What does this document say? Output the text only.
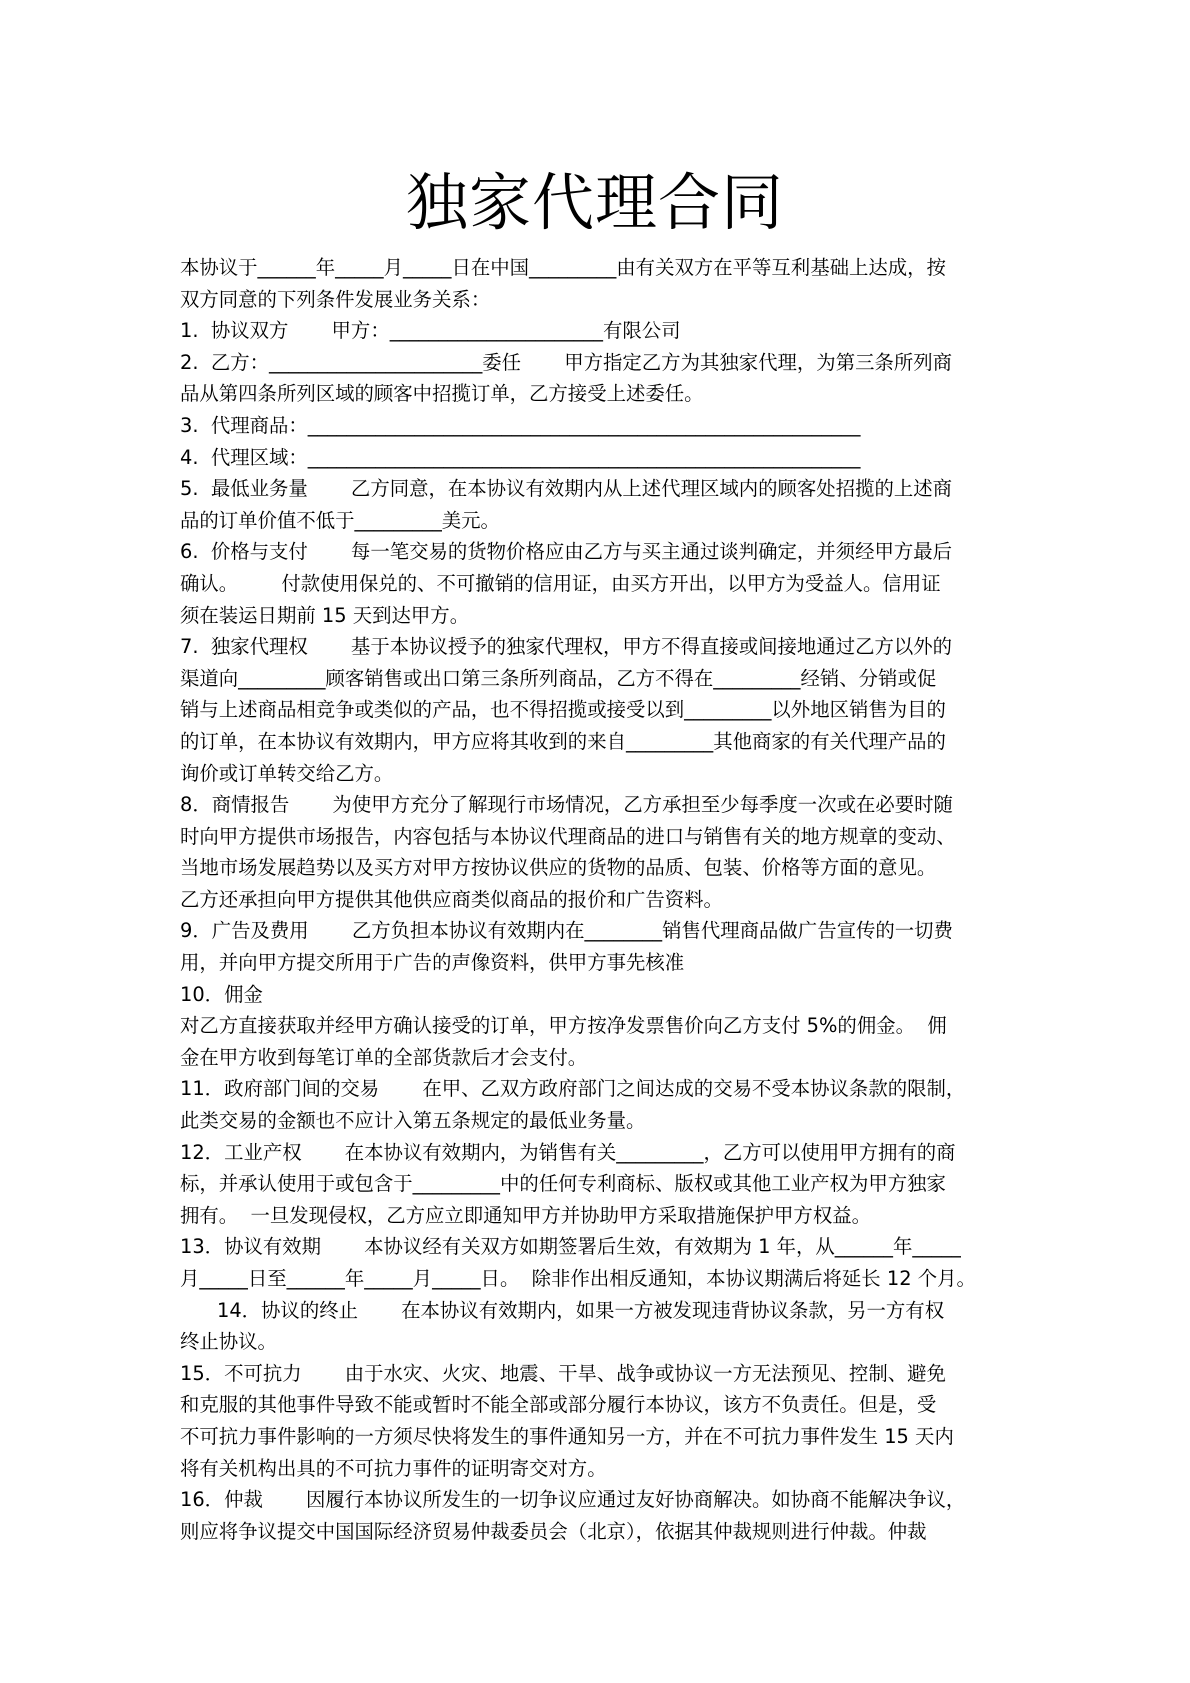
独家代理合同

本协议于______年_____月_____日在中国_________由有关双方在平等互利基础上达成，按

双方同意的下列条件发展业务关系：

1.  协议双方       甲方：______________________有限公司

2.  乙方：______________________委任       甲方指定乙方为其独家代理，为第三条所列商

品从第四条所列区域的顾客中招揽订单，乙方接受上述委任。

3.  代理商品：_________________________________________________________

4.  代理区域：_________________________________________________________

5.  最低业务量       乙方同意，在本协议有效期内从上述代理区域内的顾客处招揽的上述商

品的订单价值不低于_________美元。

6.  价格与支付       每一笔交易的货物价格应由乙方与买主通过谈判确定，并须经甲方最后

确认。       付款使用保兑的、不可撤销的信用证，由买方开出，以甲方为受益人。信用证

须在装运日期前 15 天到达甲方。

7.  独家代理权       基于本协议授予的独家代理权，甲方不得直接或间接地通过乙方以外的

渠道向_________顾客销售或出口第三条所列商品，乙方不得在_________经销、分销或促

销与上述商品相竞争或类似的产品，也不得招揽或接受以到_________以外地区销售为目的

的订单，在本协议有效期内，甲方应将其收到的来自_________其他商家的有关代理产品的

询价或订单转交给乙方。

8．商情报告       为使甲方充分了解现行市场情况，乙方承担至少每季度一次或在必要时随

时向甲方提供市场报告，内容包括与本协议代理商品的进口与销售有关的地方规章的变动、

当地市场发展趋势以及买方对甲方按协议供应的货物的品质、包装、价格等方面的意见。

乙方还承担向甲方提供其他供应商类似商品的报价和广告资料。

9．广告及费用       乙方负担本协议有效期内在________销售代理商品做广告宣传的一切费

用，并向甲方提交所用于广告的声像资料，供甲方事先核准

10．佣金

对乙方直接获取并经甲方确认接受的订单，甲方按净发票售价向乙方支付 5%的佣金。  佣

金在甲方收到每笔订单的全部货款后才会支付。

11．政府部门间的交易       在甲、乙双方政府部门之间达成的交易不受本协议条款的限制，

此类交易的金额也不应计入第五条规定的最低业务量。

12．工业产权       在本协议有效期内，为销售有关_________，乙方可以使用甲方拥有的商

标，并承认使用于或包含于_________中的任何专利商标、版权或其他工业产权为甲方独家

拥有。  一旦发现侵权，乙方应立即通知甲方并协助甲方采取措施保护甲方权益。

13．协议有效期       本协议经有关双方如期签署后生效，有效期为 1 年，从______年_____

月_____日至______年_____月_____日。  除非作出相反通知，本协议期满后将延长 12 个月。

14．协议的终止       在本协议有效期内，如果一方被发现违背协议条款，另一方有权

终止协议。

15．不可抗力       由于水灾、火灾、地震、干旱、战争或协议一方无法预见、控制、避免

和克服的其他事件导致不能或暂时不能全部或部分履行本协议，该方不负责任。但是，受

不可抗力事件影响的一方须尽快将发生的事件通知另一方，并在不可抗力事件发生 15 天内

将有关机构出具的不可抗力事件的证明寄交对方。

16．仲裁       因履行本协议所发生的一切争议应通过友好协商解决。如协商不能解决争议，

则应将争议提交中国国际经济贸易仲裁委员会（北京），依据其仲裁规则进行仲裁。仲裁
